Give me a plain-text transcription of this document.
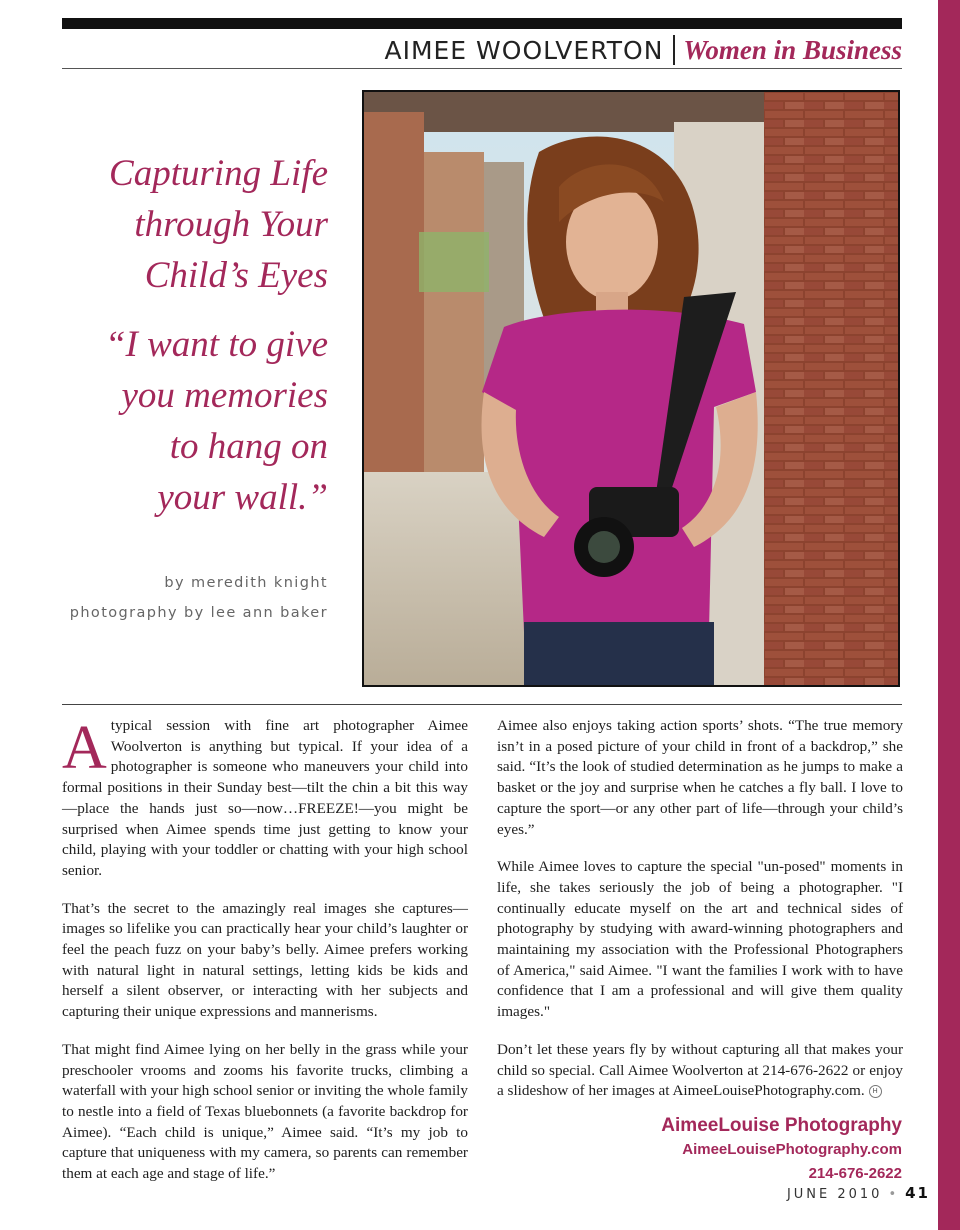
AIMEE WOOLVERTON Women in Business
Capturing Life
through Your
Child’s Eyes
“I want to give
you memories
to hang on
your wall.”
by meredith knight
photography by lee ann baker

Atypical session with fine art photographer Aimee Woolverton is anything but typical. If your idea of a photographer is someone who maneuvers your child into formal positions in their Sunday best—tilt the chin a bit this way—place the hands just so—now…FREEZE!—you might be surprised when Aimee spends time just getting to know your child, playing with your toddler or chatting with your high school senior.

That’s the secret to the amazingly real images she captures—images so lifelike you can practically hear your child’s laughter or feel the peach fuzz on your baby’s belly. Aimee prefers working with natural light in natural settings, letting kids be kids and herself a silent observer, or interacting with her subjects and capturing their unique expressions and mannerisms.

That might find Aimee lying on her belly in the grass while your preschooler vrooms and zooms his favorite trucks, climbing a waterfall with your high school senior or inviting the whole family to nestle into a field of Texas bluebonnets (a favorite backdrop for Aimee). “Each child is unique,” Aimee said. “It’s my job to capture that uniqueness with my camera, so parents can remember them at each age and stage of life.”

Aimee also enjoys taking action sports’ shots. “The true memory isn’t in a posed picture of your child in front of a backdrop,” she said. “It’s the look of studied determination as he jumps to make a basket or the joy and surprise when he catches a fly ball. I love to capture the sport—or any other part of life—through your child’s eyes.”

While Aimee loves to capture the special "un-posed" moments in life, she takes seriously the job of being a photographer. "I continually educate myself on the art and technical sides of photography by studying with award-winning photographers and maintaining my association with the Professional Photographers of America," said Aimee. "I want the families I work with to have confidence that I am a professional and will give them quality images."

Don’t let these years fly by without capturing all that makes your child so special. Call Aimee Woolverton at 214-676-2622 or enjoy a slideshow of her images at AimeeLouisePhotography.com. H

AimeeLouise Photography
AimeeLouisePhotography.com
214-676-2622
JUNE 2010 • 41
